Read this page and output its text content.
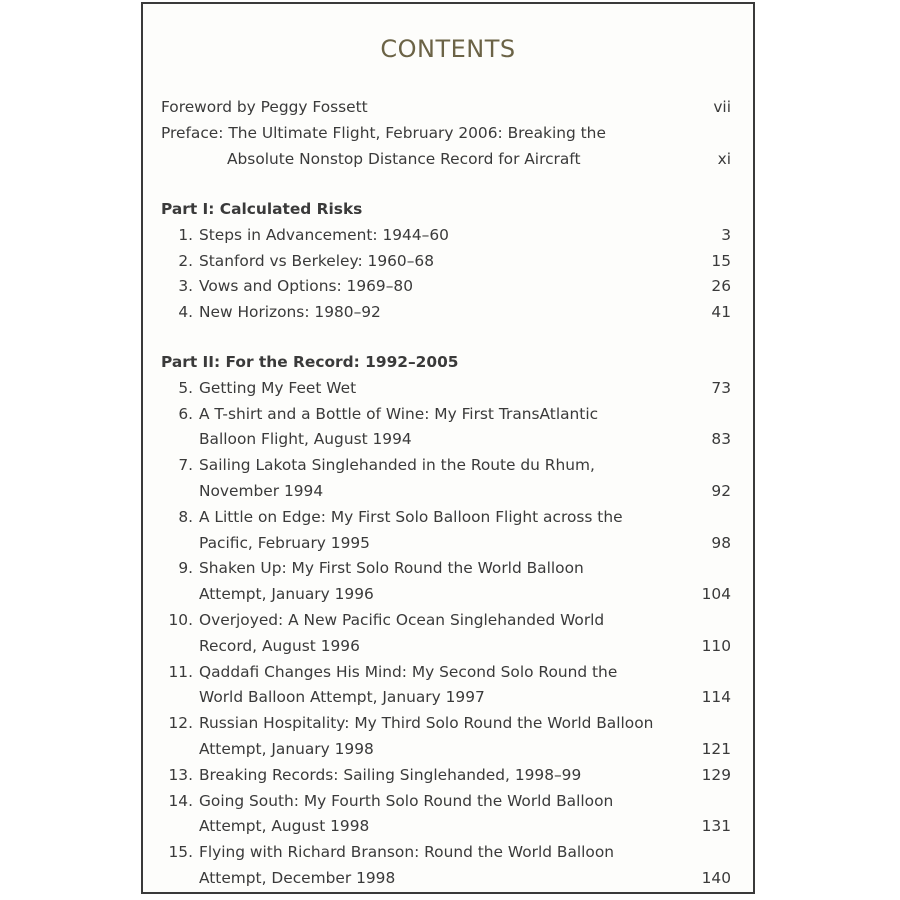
CONTENTS
Foreword by Peggy Fossett	vii
Preface: The Ultimate Flight, February 2006: Breaking the
Absolute Nonstop Distance Record for Aircraft	xi
Part I: Calculated Risks
1. Steps in Advancement: 1944–60	3
2. Stanford vs Berkeley: 1960–68	15
3. Vows and Options: 1969–80	26
4. New Horizons: 1980–92	41
Part II: For the Record: 1992–2005
5. Getting My Feet Wet	73
6. A T-shirt and a Bottle of Wine: My First TransAtlantic
Balloon Flight, August 1994	83
7. Sailing Lakota Singlehanded in the Route du Rhum,
November 1994	92
8. A Little on Edge: My First Solo Balloon Flight across the
Pacific, February 1995	98
9. Shaken Up: My First Solo Round the World Balloon
Attempt, January 1996	104
10. Overjoyed: A New Pacific Ocean Singlehanded World
Record, August 1996	110
11. Qaddafi Changes His Mind: My Second Solo Round the
World Balloon Attempt, January 1997	114
12. Russian Hospitality: My Third Solo Round the World Balloon
Attempt, January 1998	121
13. Breaking Records: Sailing Singlehanded, 1998–99	129
14. Going South: My Fourth Solo Round the World Balloon
Attempt, August 1998	131
15. Flying with Richard Branson: Round the World Balloon
Attempt, December 1998	140
